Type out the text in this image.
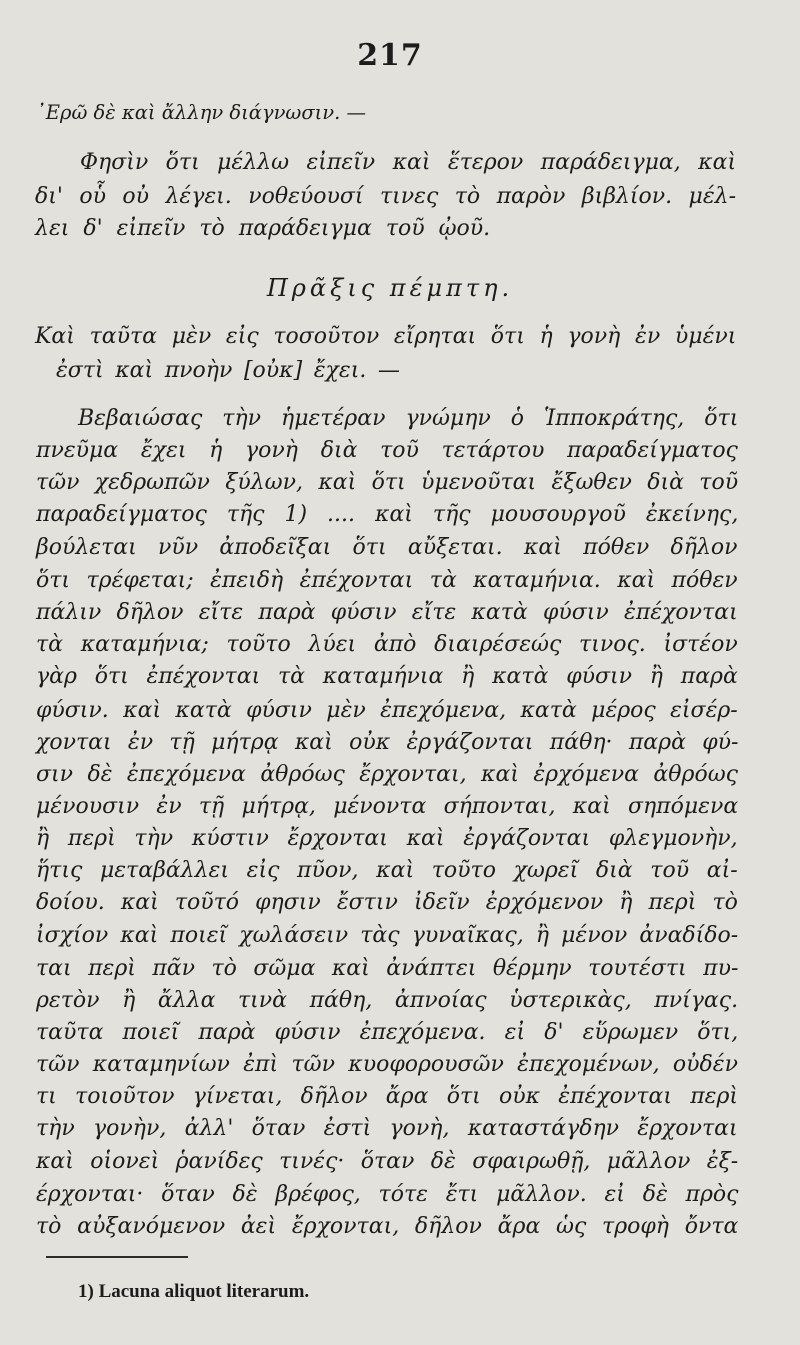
217
᾿Ερῶ δὲ καὶ ἄλλην διάγνωσιν. —
Φησὶν ὅτι μέλλω εἰπεῖν καὶ ἕτερον παράδειγμα, καὶ
δι' οὗ οὐ λέγει. νοθεύουσί τινες τὸ παρὸν βιβλίον. μέλ-
λει δ' εἰπεῖν τὸ παράδειγμα τοῦ ᾠοῦ.
Πρᾶξις πέμπτη.
Καὶ ταῦτα μὲν εἰς τοσοῦτον εἴρηται ὅτι ἡ γονὴ ἐν ὑμένι
ἐστὶ καὶ πνοὴν [οὐκ] ἔχει. —
Βεβαιώσας τὴν ἡμετέραν γνώμην ὁ Ἱπποκράτης, ὅτι
πνεῦμα ἔχει ἡ γονὴ διὰ τοῦ τετάρτου παραδείγματος
τῶν χεδρωπῶν ξύλων, καὶ ὅτι ὑμενοῦται ἔξωθεν διὰ τοῦ
παραδείγματος τῆς 1) .... καὶ τῆς μουσουργοῦ ἐκείνης,
βούλεται νῦν ἀποδεῖξαι ὅτι αὔξεται. καὶ πόθεν δῆλον
ὅτι τρέφεται; ἐπειδὴ ἐπέχονται τὰ καταμήνια. καὶ πόθεν
πάλιν δῆλον εἴτε παρὰ φύσιν εἴτε κατὰ φύσιν ἐπέχονται
τὰ καταμήνια; τοῦτο λύει ἀπὸ διαιρέσεώς τινος. ἰστέον
γὰρ ὅτι ἐπέχονται τὰ καταμήνια ἢ κατὰ φύσιν ἢ παρὰ
φύσιν. καὶ κατὰ φύσιν μὲν ἐπεχόμενα, κατὰ μέρος εἰσέρ-
χονται ἐν τῇ μήτρᾳ καὶ οὐκ ἐργάζονται πάθη· παρὰ φύ-
σιν δὲ ἐπεχόμενα ἀθρόως ἔρχονται, καὶ ἐρχόμενα ἀθρόως
μένουσιν ἐν τῇ μήτρᾳ, μένοντα σήπονται, καὶ σηπόμενα
ἢ περὶ τὴν κύστιν ἔρχονται καὶ ἐργάζονται φλεγμονὴν,
ἥτις μεταβάλλει εἰς πῦον, καὶ τοῦτο χωρεῖ διὰ τοῦ αἰ-
δοίου. καὶ τοῦτό φησιν ἔστιν ἰδεῖν ἐρχόμενον ἢ περὶ τὸ
ἰσχίον καὶ ποιεῖ χωλάσειν τὰς γυναῖκας, ἢ μένον ἀναδίδο-
ται περὶ πᾶν τὸ σῶμα καὶ ἀνάπτει θέρμην τουτέστι πυ-
ρετὸν ἢ ἄλλα τινὰ πάθη, ἀπνοίας ὑστερικὰς, πνίγας.
ταῦτα ποιεῖ παρὰ φύσιν ἐπεχόμενα. εἰ δ' εὕρωμεν ὅτι,
τῶν καταμηνίων ἐπὶ τῶν κυοφορουσῶν ἐπεχομένων, οὐδέν
τι τοιοῦτον γίνεται, δῆλον ἄρα ὅτι οὐκ ἐπέχονται περὶ
τὴν γονὴν, ἀλλ' ὅταν ἐστὶ γονὴ, καταστάγδην ἔρχονται
καὶ οἱονεὶ ῥανίδες τινές· ὅταν δὲ σφαιρωθῇ, μᾶλλον ἐξ-
έρχονται· ὅταν δὲ βρέφος, τότε ἔτι μᾶλλον. εἰ δὲ πρὸς
τὸ αὐξανόμενον ἀεὶ ἔρχονται, δῆλον ἄρα ὡς τροφὴ ὄντα
1) Lacuna aliquot literarum.
